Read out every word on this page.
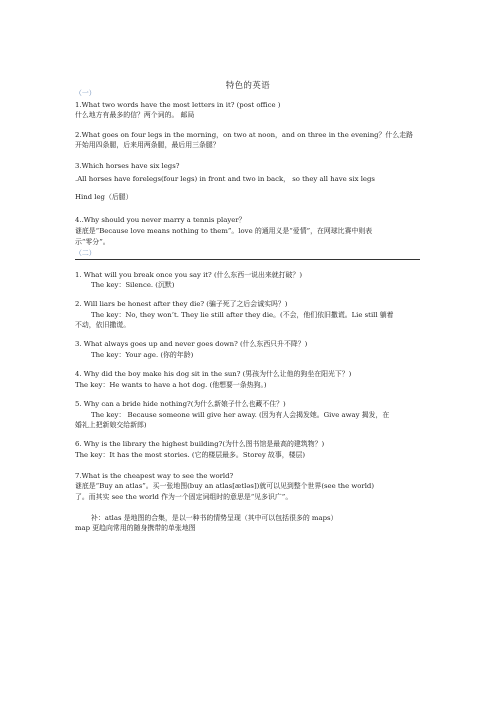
特色的英语
（一）
1.What two words have the most letters in it? (post office )
什么地方有最多的信？两个词的。 邮局
2.What goes on four legs in the morning，on two at noon，and on three in the evening？什么走路
开始用四条腿，后来用两条腿，最后用三条腿？
3.Which horses have six legs?
.All horses have forelegs(four legs) in front and two in back， so they all have six legs
Hind leg（后腿）
4..Why should you never marry a tennis player？
谜底是“Because love means nothing to them”。love 的通用义是“爱情”，在网球比赛中则表
示“零分”。
（二）
1. What will you break once you say it? (什么东西一说出来就打破？)
The key：Silence. (沉默)
2. Will liars be honest after they die? (骗子死了之后会诚实吗？)
The key：No, they won’t. They lie still after they die。(不会，他们依旧撒谎。Lie still 躺着
不动，依旧撒谎。
3. What always goes up and never goes down? (什么东西只升不降？)
The key：Your age. (你的年龄)
4. Why did the boy make his dog sit in the sun? (男孩为什么让他的狗坐在阳光下？)
The key：He wants to have a hot dog. (他想要一条热狗。)
5. Why can a bride hide nothing?(为什么新娘子什么也藏不住？)
The key： Because someone will give her away. (因为有人会揭发她。Give away 揭发，在
婚礼上把新娘交给新郎)
6. Why is the library the highest building?(为什么图书馆是最高的建筑物？)
The key：It has the most stories. (它的楼层最多。Storey 故事，楼层)
7.What is the cheapest way to see the world?
谜底是“Buy an atlas”。买一张地图(buy an atlas[ætləs])就可以见到整个世界(see the world)
了。而其实 see the world 作为一个固定词组时的意思是“见多识广”。
补：atlas 是地图的合集，是以一种书的情势呈现（其中可以包括很多的 maps）
map 更趋向常用的随身携带的单张地图
